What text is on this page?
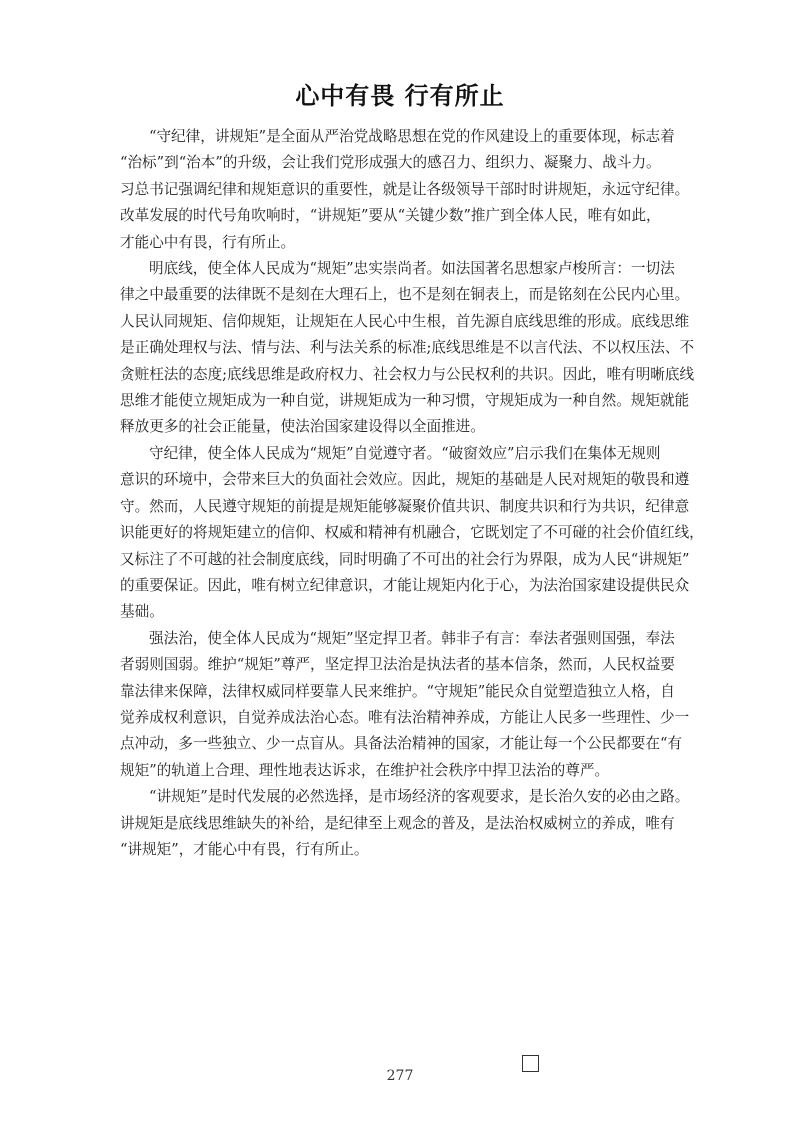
心中有畏 行有所止
“守纪律，讲规矩”是全面从严治党战略思想在党的作风建设上的重要体现，标志着
“治标”到“治本”的升级，会让我们党形成强大的感召力、组织力、凝聚力、战斗力。
习总书记强调纪律和规矩意识的重要性，就是让各级领导干部时时讲规矩，永远守纪律。
改革发展的时代号角吹响时，“讲规矩”要从“关键少数”推广到全体人民，唯有如此，
才能心中有畏，行有所止。
明底线，使全体人民成为“规矩”忠实崇尚者。如法国著名思想家卢梭所言：一切法
律之中最重要的法律既不是刻在大理石上，也不是刻在铜表上，而是铭刻在公民内心里。
人民认同规矩、信仰规矩，让规矩在人民心中生根，首先源自底线思维的形成。底线思维
是正确处理权与法、情与法、利与法关系的标准;底线思维是不以言代法、不以权压法、不
贪赃枉法的态度;底线思维是政府权力、社会权力与公民权利的共识。因此，唯有明晰底线
思维才能使立规矩成为一种自觉，讲规矩成为一种习惯，守规矩成为一种自然。规矩就能
释放更多的社会正能量，使法治国家建设得以全面推进。
守纪律，使全体人民成为“规矩”自觉遵守者。“破窗效应”启示我们在集体无规则
意识的环境中，会带来巨大的负面社会效应。因此，规矩的基础是人民对规矩的敬畏和遵
守。然而，人民遵守规矩的前提是规矩能够凝聚价值共识、制度共识和行为共识，纪律意
识能更好的将规矩建立的信仰、权威和精神有机融合，它既划定了不可碰的社会价值红线，
又标注了不可越的社会制度底线，同时明确了不可出的社会行为界限，成为人民“讲规矩”
的重要保证。因此，唯有树立纪律意识，才能让规矩内化于心，为法治国家建设提供民众
基础。
强法治，使全体人民成为“规矩”坚定捍卫者。韩非子有言：奉法者强则国强，奉法
者弱则国弱。维护“规矩”尊严，坚定捍卫法治是执法者的基本信条，然而，人民权益要
靠法律来保障，法律权威同样要靠人民来维护。“守规矩”能民众自觉塑造独立人格，自
觉养成权利意识，自觉养成法治心态。唯有法治精神养成，方能让人民多一些理性、少一
点冲动，多一些独立、少一点盲从。具备法治精神的国家，才能让每一个公民都要在“有
规矩”的轨道上合理、理性地表达诉求，在维护社会秩序中捍卫法治的尊严。
“讲规矩”是时代发展的必然选择，是市场经济的客观要求，是长治久安的必由之路。
讲规矩是底线思维缺失的补给，是纪律至上观念的普及，是法治权威树立的养成，唯有
“讲规矩”，才能心中有畏，行有所止。
277
